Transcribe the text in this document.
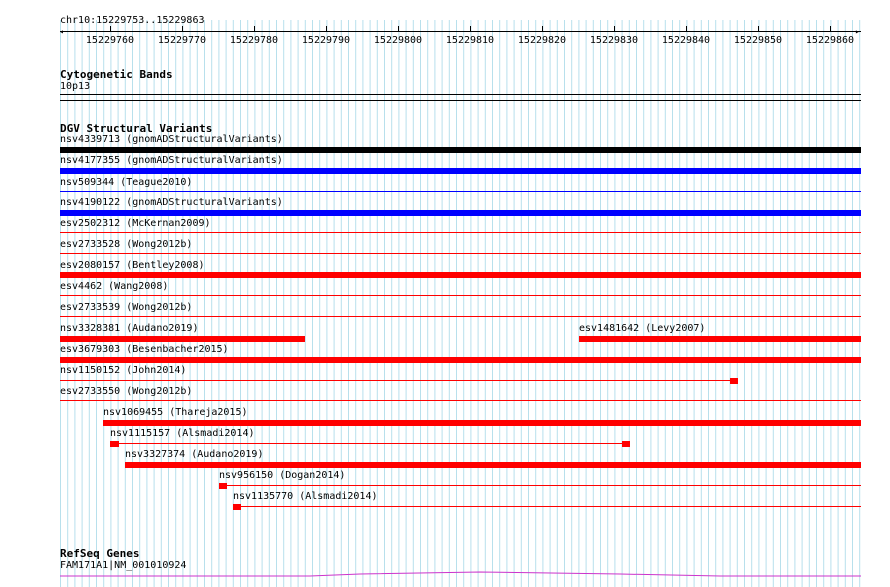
chr10:15229753..15229863
◂	▸
15229760 15229770 15229780 15229790 15229800 15229810 15229820 15229830 15229840 15229850 15229860
Cytogenetic Bands
10p13
DGV Structural Variants
nsv4339713 (gnomADStructuralVariants)
nsv4177355 (gnomADStructuralVariants)
nsv509344 (Teague2010)
nsv4190122 (gnomADStructuralVariants)
esv2502312 (McKernan2009)
esv2733528 (Wong2012b)
esv2080157 (Bentley2008)
esv4462 (Wang2008)
esv2733539 (Wong2012b)
nsv3328381 (Audano2019)	esv1481642 (Levy2007)
esv3679303 (Besenbacher2015)
nsv1150152 (John2014)
esv2733550 (Wong2012b)
nsv1069455 (Thareja2015)
nsv1115157 (Alsmadi2014)
nsv3327374 (Audano2019)
nsv956150 (Dogan2014)
nsv1135770 (Alsmadi2014)
RefSeq Genes
FAM171A1|NM_001010924
